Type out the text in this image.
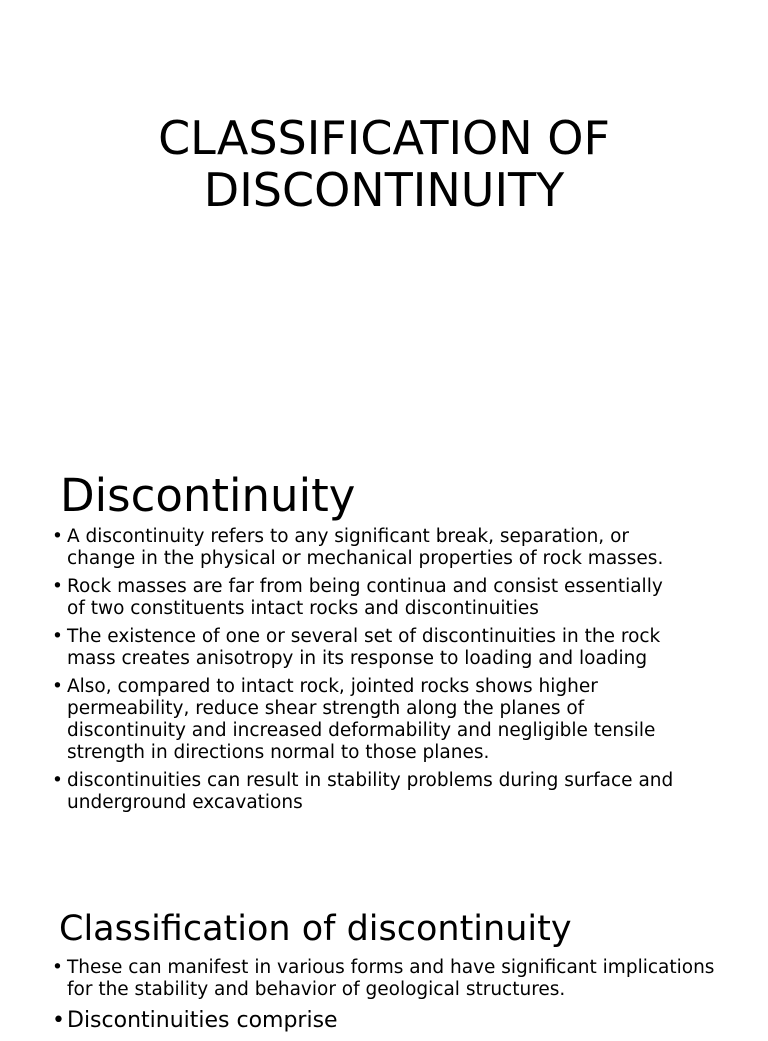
CLASSIFICATION OF
DISCONTINUITY
Discontinuity
• A discontinuity refers to any significant break, separation, or
change in the physical or mechanical properties of rock masses.
• Rock masses are far from being continua and consist essentially
of two constituents intact rocks and discontinuities
• The existence of one or several set of discontinuities in the rock
mass creates anisotropy in its response to loading and loading
• Also, compared to intact rock, jointed rocks shows higher
permeability, reduce shear strength along the planes of
discontinuity and increased deformability and negligible tensile
strength in directions normal to those planes.
• discontinuities can result in stability problems during surface and
underground excavations
Classification of discontinuity
• These can manifest in various forms and have significant implications
for the stability and behavior of geological structures.
• Discontinuities comprise
